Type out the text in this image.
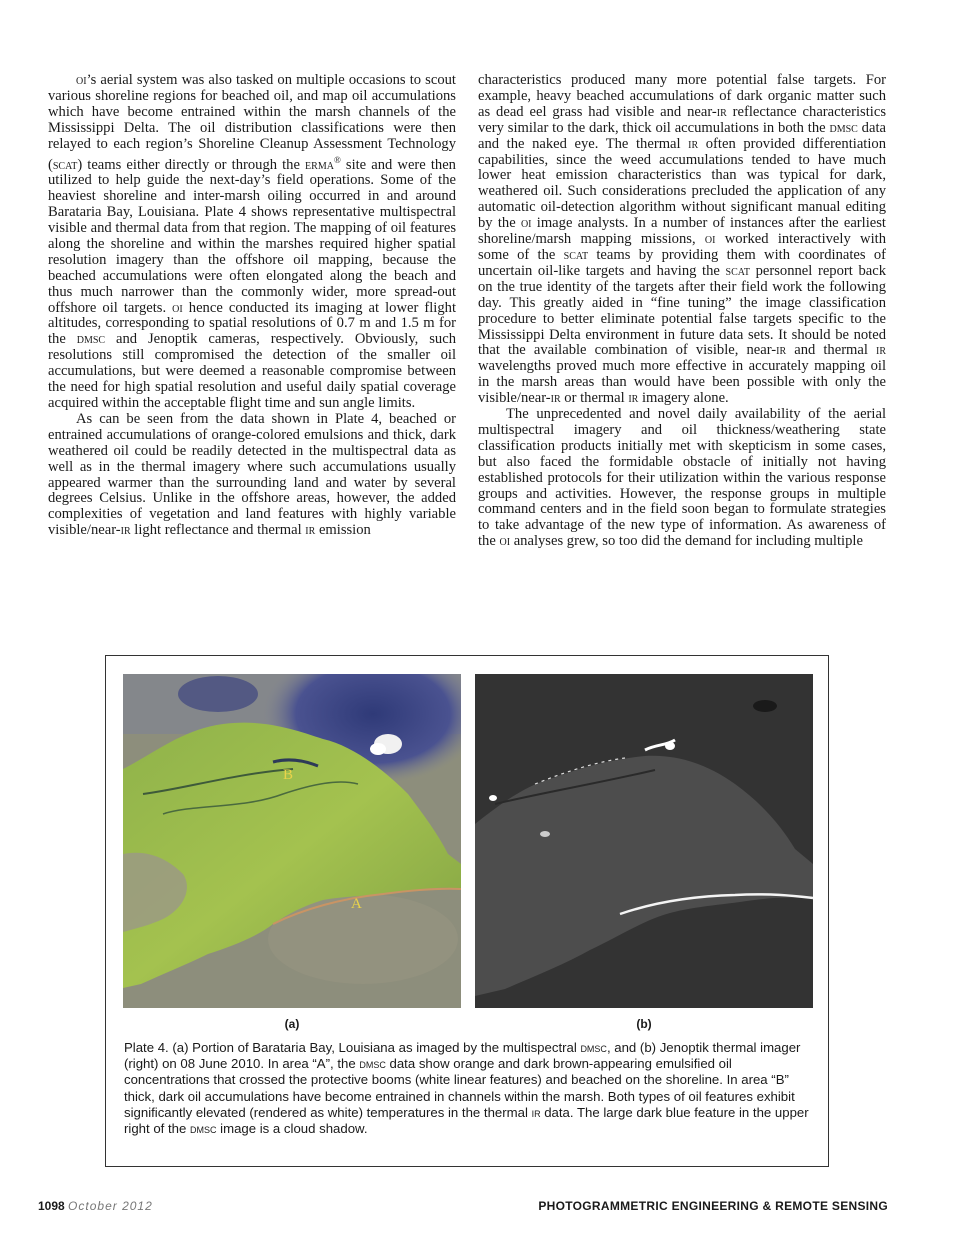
oi’s aerial system was also tasked on multiple occasions to scout various shoreline regions for beached oil, and map oil accumulations which have become entrained within the marsh channels of the Mississippi Delta. The oil distribution classifications were then relayed to each region’s Shoreline Cleanup Assessment Technology (scat) teams either directly or through the erma® site and were then utilized to help guide the next-day’s field operations. Some of the heaviest shoreline and inter-marsh oiling occurred in and around Barataria Bay, Louisiana. Plate 4 shows representative multispectral visible and thermal data from that region. The mapping of oil features along the shoreline and within the marshes required higher spatial resolution imagery than the offshore oil mapping, because the beached accumulations were often elongated along the beach and thus much narrower than the commonly wider, more spread-out offshore oil targets. oi hence conducted its imaging at lower flight altitudes, corresponding to spatial resolutions of 0.7 m and 1.5 m for the dmsc and Jenoptik cameras, respectively. Obviously, such resolutions still compromised the detection of the smaller oil accumulations, but were deemed a reasonable compromise between the need for high spatial resolution and useful daily spatial coverage acquired within the acceptable flight time and sun angle limits.

As can be seen from the data shown in Plate 4, beached or entrained accumulations of orange-colored emulsions and thick, dark weathered oil could be readily detected in the multispectral data as well as in the thermal imagery where such accumulations usually appeared warmer than the surrounding land and water by several degrees Celsius. Unlike in the offshore areas, however, the added complexities of vegetation and land features with highly variable visible/near-ir light reflectance and thermal ir emission

characteristics produced many more potential false targets. For example, heavy beached accumulations of dark organic matter such as dead eel grass had visible and near-ir reflectance characteristics very similar to the dark, thick oil accumulations in both the dmsc data and the naked eye. The thermal ir often provided differentiation capabilities, since the weed accumulations tended to have much lower heat emission characteristics than was typical for dark, weathered oil. Such considerations precluded the application of any automatic oil-detection algorithm without significant manual editing by the oi image analysts. In a number of instances after the earliest shoreline/marsh mapping missions, oi worked interactively with some of the scat teams by providing them with coordinates of uncertain oil-like targets and having the scat personnel report back on the true identity of the targets after their field work the following day. This greatly aided in “fine tuning” the image classification procedure to better eliminate potential false targets specific to the Mississippi Delta environment in future data sets. It should be noted that the available combination of visible, near-ir and thermal ir wavelengths proved much more effective in accurately mapping oil in the marsh areas than would have been possible with only the visible/near-ir or thermal ir imagery alone.

The unprecedented and novel daily availability of the aerial multispectral imagery and oil thickness/weathering state classification products initially met with skepticism in some cases, but also faced the formidable obstacle of initially not having established protocols for their utilization within the various response groups and activities. However, the response groups in multiple command centers and in the field soon began to formulate strategies to take advantage of the new type of information. As awareness of the oi analyses grew, so too did the demand for including multiple

B
A
(a)	(b)
Plate 4. (a) Portion of Barataria Bay, Louisiana as imaged by the multispectral dmsc, and (b) Jenoptik thermal imager (right) on 08 June 2010. In area “A”, the dmsc data show orange and dark brown-appearing emulsified oil concentrations that crossed the protective booms (white linear features) and beached on the shoreline. In area “B” thick, dark oil accumulations have become entrained in channels within the marsh. Both types of oil features exhibit significantly elevated (rendered as white) temperatures in the thermal ir data. The large dark blue feature in the upper right of the dmsc image is a cloud shadow.
1098 October 2012	PHOTOGRAMMETRIC ENGINEERING & REMOTE SENSING
